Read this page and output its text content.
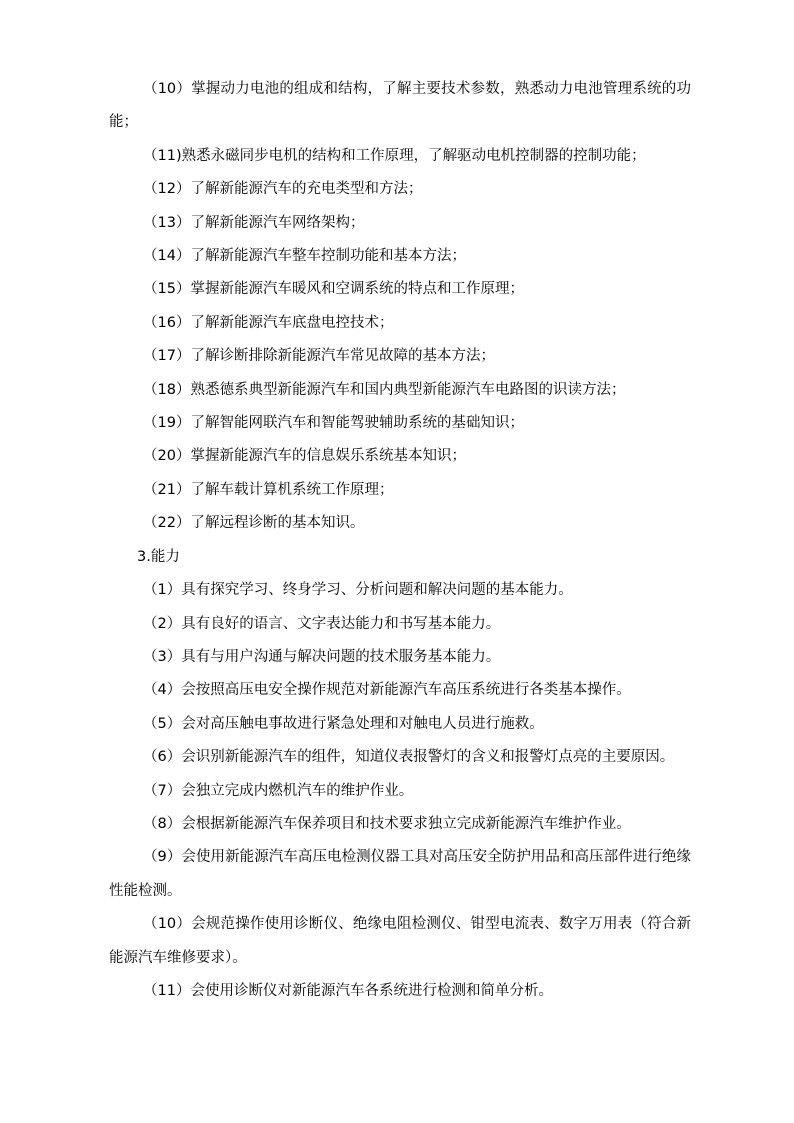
（10）掌握动力电池的组成和结构，了解主要技术参数，熟悉动力电池管理系统的功能；

（11)熟悉永磁同步电机的结构和工作原理，了解驱动电机控制器的控制功能；

（12）了解新能源汽车的充电类型和方法；

（13）了解新能源汽车网络架构；

（14）了解新能源汽车整车控制功能和基本方法；

（15）掌握新能源汽车暖风和空调系统的特点和工作原理；

（16）了解新能源汽车底盘电控技术；

（17）了解诊断排除新能源汽车常见故障的基本方法；

（18）熟悉德系典型新能源汽车和国内典型新能源汽车电路图的识读方法；

（19）了解智能网联汽车和智能驾驶辅助系统的基础知识；

（20）掌握新能源汽车的信息娱乐系统基本知识；

（21）了解车载计算机系统工作原理；

（22）了解远程诊断的基本知识。

3.能力

（1）具有探究学习、终身学习、分析问题和解决问题的基本能力。

（2）具有良好的语言、文字表达能力和书写基本能力。

（3）具有与用户沟通与解决问题的技术服务基本能力。

（4）会按照高压电安全操作规范对新能源汽车高压系统进行各类基本操作。

（5）会对高压触电事故进行紧急处理和对触电人员进行施救。

（6）会识别新能源汽车的组件，知道仪表报警灯的含义和报警灯点亮的主要原因。

（7）会独立完成内燃机汽车的维护作业。

（8）会根据新能源汽车保养项目和技术要求独立完成新能源汽车维护作业。

（9）会使用新能源汽车高压电检测仪器工具对高压安全防护用品和高压部件进行绝缘性能检测。

（10）会规范操作使用诊断仪、绝缘电阻检测仪、钳型电流表、数字万用表（符合新能源汽车维修要求）。

（11）会使用诊断仪对新能源汽车各系统进行检测和简单分析。
